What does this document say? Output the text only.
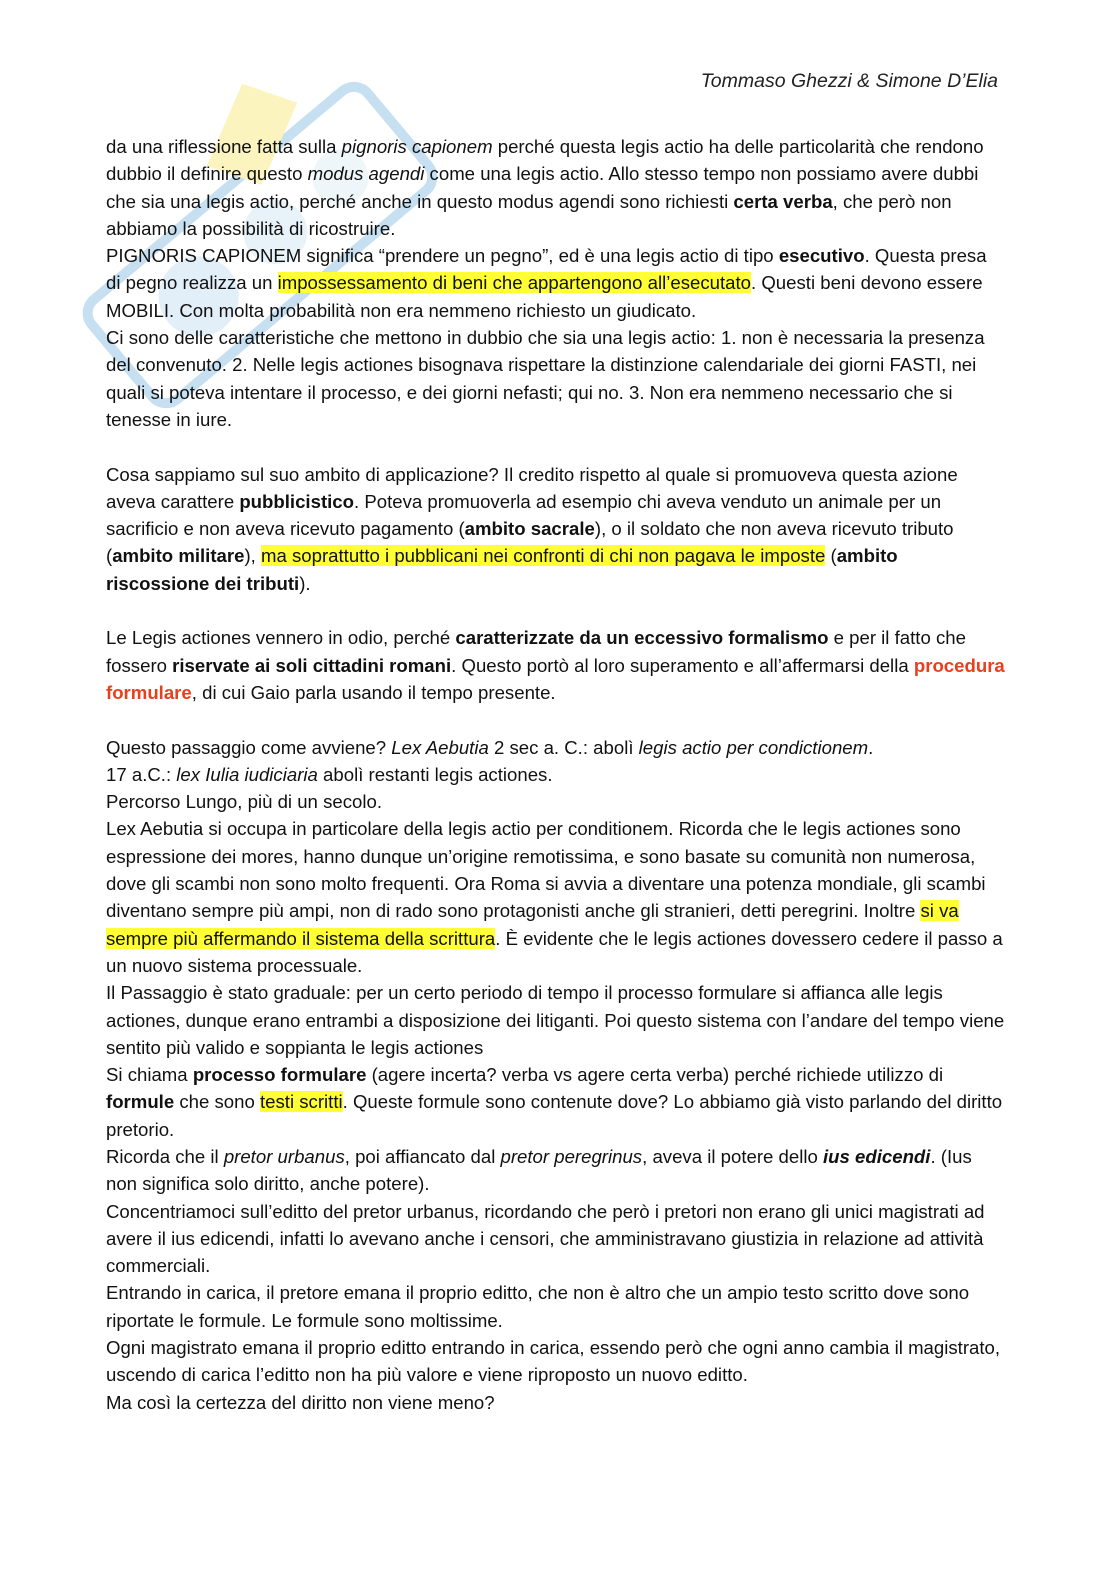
Tommaso Ghezzi & Simone D’Elia

da una riflessione fatta sulla pignoris capionem perché questa legis actio ha delle particolarità che rendono dubbio il definire questo modus agendi come una legis actio. Allo stesso tempo non possiamo avere dubbi che sia una legis actio, perché anche in questo modus agendi sono richiesti certa verba, che però non abbiamo la possibilità di ricostruire.

PIGNORIS CAPIONEM significa “prendere un pegno”, ed è una legis actio di tipo esecutivo. Questa presa di pegno realizza un impossessamento di beni che appartengono all’esecutato. Questi beni devono essere MOBILI. Con molta probabilità non era nemmeno richiesto un giudicato.

Ci sono delle caratteristiche che mettono in dubbio che sia una legis actio: 1. non è necessaria la presenza del convenuto. 2. Nelle legis actiones bisognava rispettare la distinzione calendariale dei giorni FASTI, nei quali si poteva intentare il processo, e dei giorni nefasti; qui no. 3. Non era nemmeno necessario che si tenesse in iure.

Cosa sappiamo sul suo ambito di applicazione? Il credito rispetto al quale si promuoveva questa azione aveva carattere pubblicistico. Poteva promuoverla ad esempio chi aveva venduto un animale per un sacrificio e non aveva ricevuto pagamento (ambito sacrale), o il soldato che non aveva ricevuto tributo (ambito militare), ma soprattutto i pubblicani nei confronti di chi non pagava le imposte (ambito riscossione dei tributi).

Le Legis actiones vennero in odio, perché caratterizzate da un eccessivo formalismo e per il fatto che fossero riservate ai soli cittadini romani. Questo portò al loro superamento e all’affermarsi della procedura formulare, di cui Gaio parla usando il tempo presente.

Questo passaggio come avviene? Lex Aebutia 2 sec a. C.: abolì legis actio per condictionem.

17 a.C.: lex Iulia iudiciaria abolì restanti legis actiones.

Percorso Lungo, più di un secolo.

Lex Aebutia si occupa in particolare della legis actio per conditionem. Ricorda che le legis actiones sono espressione dei mores, hanno dunque un’origine remotissima, e sono basate su comunità non numerosa, dove gli scambi non sono molto frequenti. Ora Roma si avvia a diventare una potenza mondiale, gli scambi diventano sempre più ampi, non di rado sono protagonisti anche gli stranieri, detti peregrini. Inoltre si va sempre più affermando il sistema della scrittura. È evidente che le legis actiones dovessero cedere il passo a un nuovo sistema processuale.

Il Passaggio è stato graduale: per un certo periodo di tempo il processo formulare si affianca alle legis actiones, dunque erano entrambi a disposizione dei litiganti. Poi questo sistema con l’andare del tempo viene sentito più valido e soppianta le legis actiones

Si chiama processo formulare (agere incerta? verba vs agere certa verba) perché richiede utilizzo di formule che sono testi scritti. Queste formule sono contenute dove? Lo abbiamo già visto parlando del diritto pretorio.

Ricorda che il pretor urbanus, poi affiancato dal pretor peregrinus, aveva il potere dello ius edicendi. (Ius non significa solo diritto, anche potere).

Concentriamoci sull’editto del pretor urbanus, ricordando che però i pretori non erano gli unici magistrati ad avere il ius edicendi, infatti lo avevano anche i censori, che amministravano giustizia in relazione ad attività commerciali.

Entrando in carica, il pretore emana il proprio editto, che non è altro che un ampio testo scritto dove sono riportate le formule. Le formule sono moltissime.

Ogni magistrato emana il proprio editto entrando in carica, essendo però che ogni anno cambia il magistrato, uscendo di carica l’editto non ha più valore e viene riproposto un nuovo editto.

Ma così la certezza del diritto non viene meno?
